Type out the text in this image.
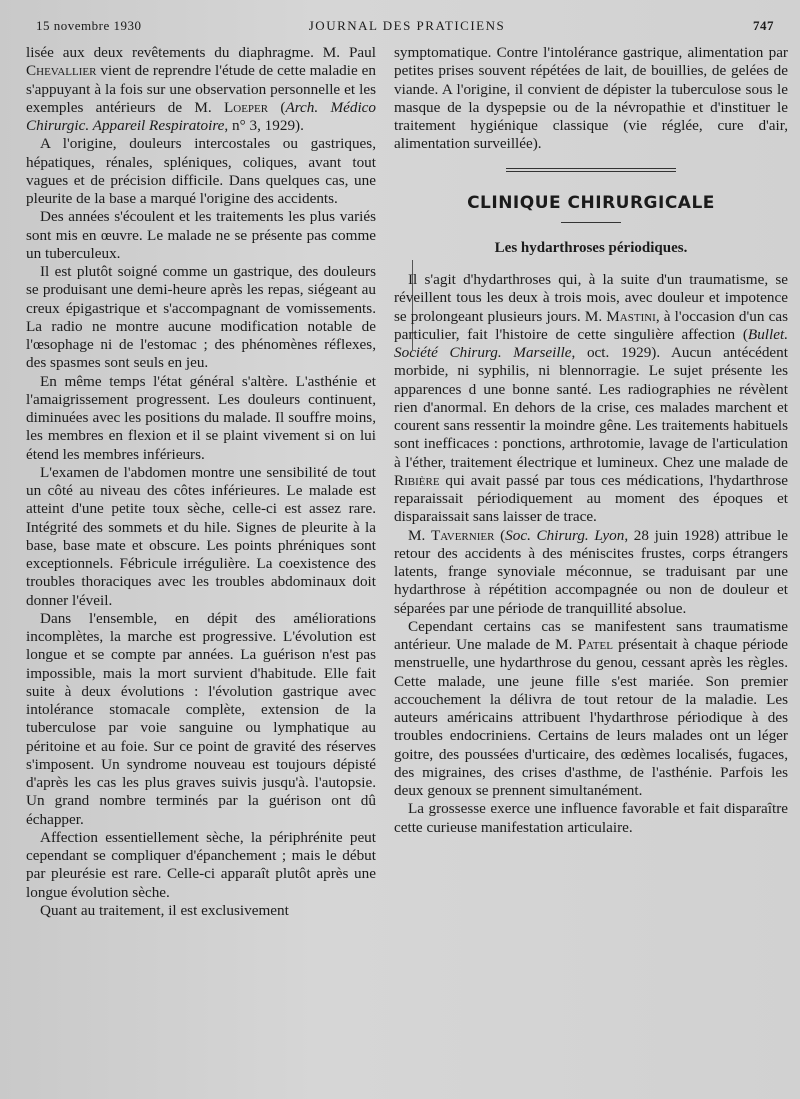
15 novembre 1930	JOURNAL DES PRATICIENS	747

lisée aux deux revêtements du diaphragme. M. Paul Chevallier vient de reprendre l'étude de cette maladie en s'appuyant à la fois sur une observation personnelle et les exemples antérieurs de M. Loeper (Arch. Médico Chirurgic. Appareil Respiratoire, n° 3, 1929).

A l'origine, douleurs intercostales ou gastriques, hépatiques, rénales, spléniques, coliques, avant tout vagues et de précision difficile. Dans quelques cas, une pleurite de la base a marqué l'origine des accidents.

Des années s'écoulent et les traitements les plus variés sont mis en œuvre. Le malade ne se présente pas comme un tuberculeux.

Il est plutôt soigné comme un gastrique, des douleurs se produisant une demi-heure après les repas, siégeant au creux épigastrique et s'accompagnant de vomissements. La radio ne montre aucune modification notable de l'œsophage ni de l'estomac ; des phénomènes réflexes, des spasmes sont seuls en jeu.

En même temps l'état général s'altère. L'asthénie et l'amaigrissement progressent. Les douleurs continuent, diminuées avec les positions du malade. Il souffre moins, les membres en flexion et il se plaint vivement si on lui étend les membres inférieurs.

L'examen de l'abdomen montre une sensibilité de tout un côté au niveau des côtes inférieures. Le malade est atteint d'une petite toux sèche, celle-ci est assez rare. Intégrité des sommets et du hile. Signes de pleurite à la base, base mate et obscure. Les points phréniques sont exceptionnels. Fébricule irrégulière. La coexistence des troubles thoraciques avec les troubles abdominaux doit donner l'éveil.

Dans l'ensemble, en dépit des améliorations incomplètes, la marche est progressive. L'évolution est longue et se compte par années. La guérison n'est pas impossible, mais la mort survient d'habitude. Elle fait suite à deux évolutions : l'évolution gastrique avec intolérance stomacale complète, extension de la tuberculose par voie sanguine ou lymphatique au péritoine et au foie. Sur ce point de gravité des réserves s'imposent. Un syndrome nouveau est toujours dépisté d'après les cas les plus graves suivis jusqu'à. l'autopsie. Un grand nombre terminés par la guérison ont dû échapper.

Affection essentiellement sèche, la périphrénite peut cependant se compliquer d'épanchement ; mais le début par pleurésie est rare. Celle-ci apparaît plutôt après une longue évolution sèche.

Quant au traitement, il est exclusivement

symptomatique. Contre l'intolérance gastrique, alimentation par petites prises souvent répétées de lait, de bouillies, de gelées de viande. A l'origine, il convient de dépister la tuberculose sous le masque de la dyspepsie ou de la névropathie et d'instituer le traitement hygiénique classique (vie réglée, cure d'air, alimentation surveillée).

CLINIQUE CHIRURGICALE
Les hydarthroses périodiques.

Il s'agit d'hydarthroses qui, à la suite d'un traumatisme, se réveillent tous les deux à trois mois, avec douleur et impotence se prolongeant plusieurs jours. M. Mastini, à l'occasion d'un cas particulier, fait l'histoire de cette singulière affection (Bullet. Société Chirurg. Marseille, oct. 1929). Aucun antécédent morbide, ni syphilis, ni blennorragie. Le sujet présente les apparences d une bonne santé. Les radiographies ne révèlent rien d'anormal. En dehors de la crise, ces malades marchent et courent sans ressentir la moindre gêne. Les traitements habituels sont inefficaces : ponctions, arthrotomie, lavage de l'articulation à l'éther, traitement électrique et lumineux. Chez une malade de Ribière qui avait passé par tous ces médications, l'hydarthrose reparaissait périodiquement au moment des époques et disparaissait sans laisser de trace.

M. Tavernier (Soc. Chirurg. Lyon, 28 juin 1928) attribue le retour des accidents à des méniscites frustes, corps étrangers latents, frange synoviale méconnue, se traduisant par une hydarthrose à répétition accompagnée ou non de douleur et séparées par une période de tranquillité absolue.

Cependant certains cas se manifestent sans traumatisme antérieur. Une malade de M. Patel présentait à chaque période menstruelle, une hydarthrose du genou, cessant après les règles. Cette malade, une jeune fille s'est mariée. Son premier accouchement la délivra de tout retour de la maladie. Les auteurs américains attribuent l'hydarthrose périodique à des troubles endocriniens. Certains de leurs malades ont un léger goitre, des poussées d'urticaire, des œdèmes localisés, fugaces, des migraines, des crises d'asthme, de l'asthénie. Parfois les deux genoux se prennent simultanément.

La grossesse exerce une influence favorable et fait disparaître cette curieuse manifestation articulaire.
